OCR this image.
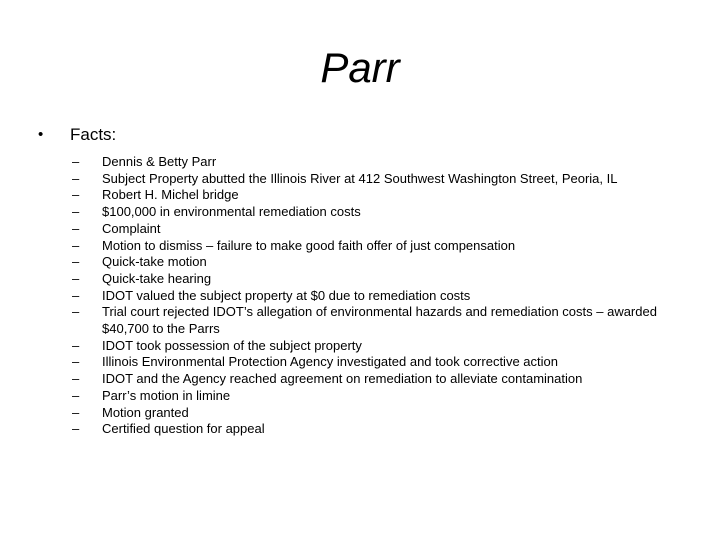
Parr
•	Facts:
–	Dennis & Betty Parr
–	Subject Property abutted the Illinois River at 412 Southwest Washington Street, Peoria, IL
–	Robert H. Michel bridge
–	$100,000 in environmental remediation costs
–	Complaint
–	Motion to dismiss – failure to make good faith offer of just compensation
–	Quick-take motion
–	Quick-take hearing
–	IDOT valued the subject property at $0 due to remediation costs
–	Trial court rejected IDOT’s allegation of environmental hazards and remediation costs – awarded $40,700 to the Parrs
–	IDOT took possession of the subject property
–	Illinois Environmental Protection Agency investigated and took corrective action
–	IDOT and the Agency reached agreement on remediation to alleviate contamination
–	Parr’s motion in limine
–	Motion granted
–	Certified question for appeal
